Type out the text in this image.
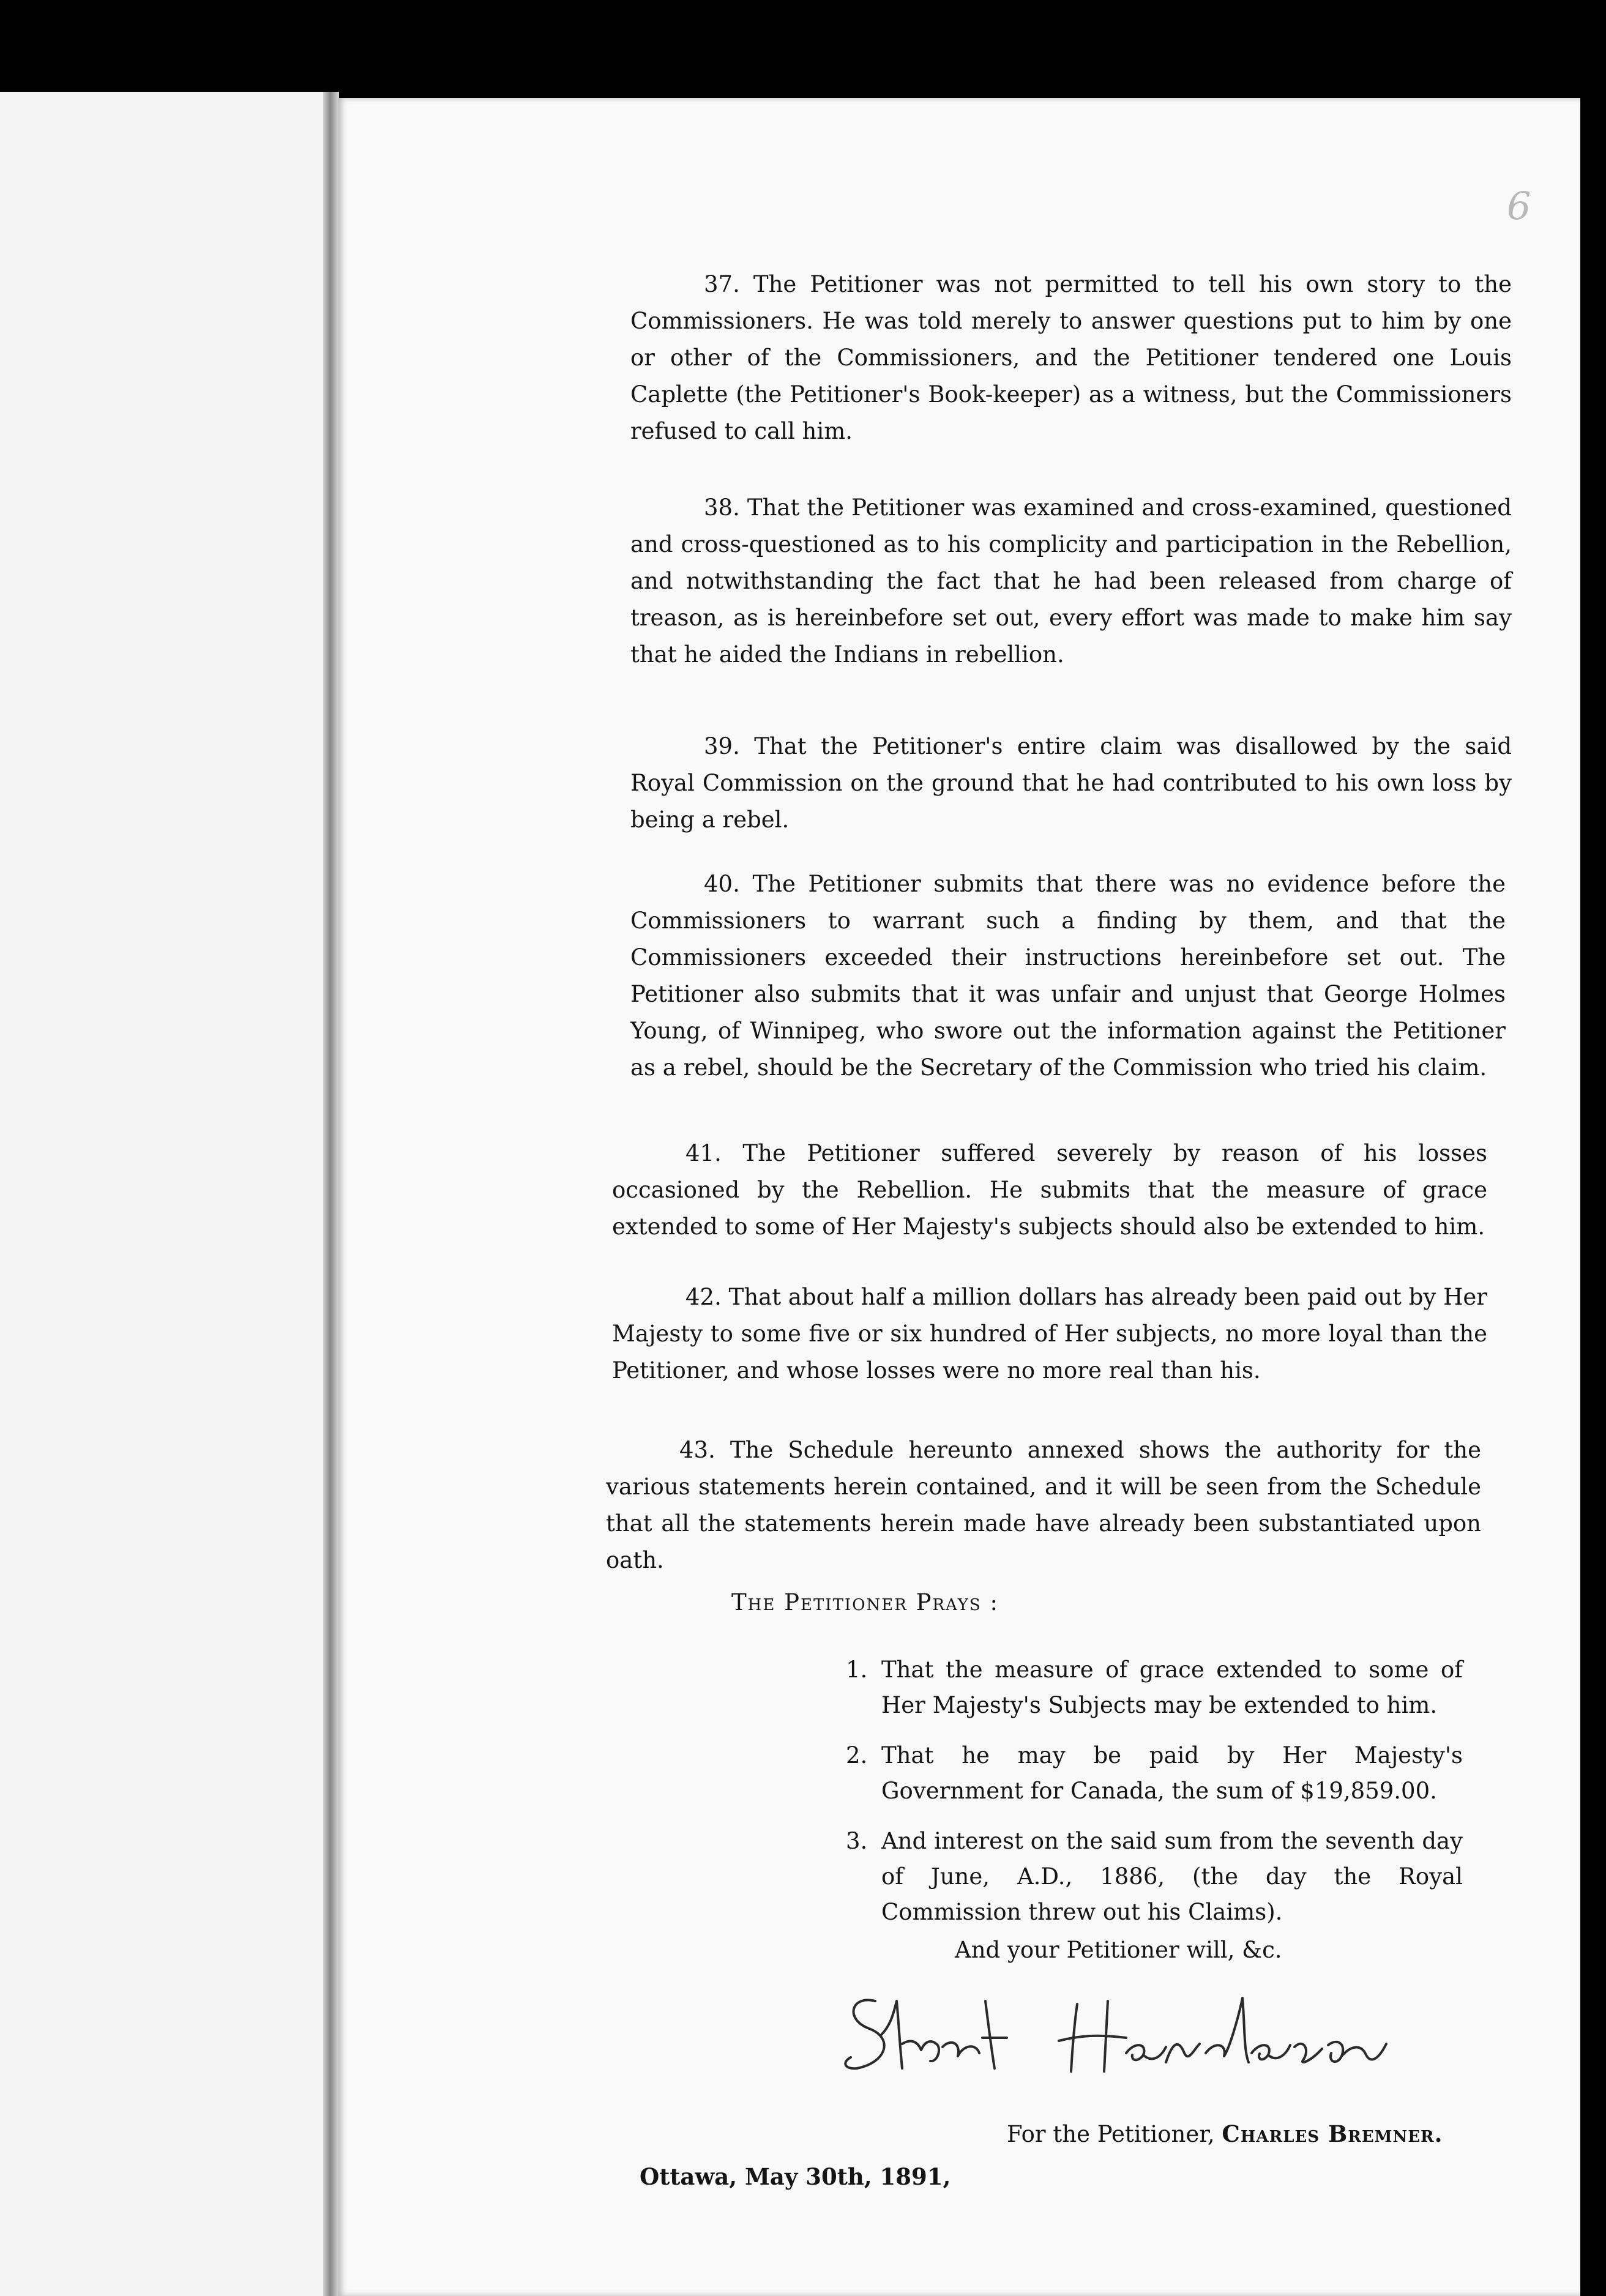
6

37. The Petitioner was not permitted to tell his own story to the Commissioners. He was told merely to answer questions put to him by one or other of the Commissioners, and the Petitioner tendered one Louis Caplette (the Petitioner's Book-keeper) as a witness, but the Commissioners refused to call him.

38. That the Petitioner was examined and cross-examined, questioned and cross-questioned as to his complicity and participation in the Rebellion, and notwithstanding the fact that he had been released from charge of treason, as is hereinbefore set out, every effort was made to make him say that he aided the Indians in rebellion.

39. That the Petitioner's entire claim was disallowed by the said Royal Commission on the ground that he had contributed to his own loss by being a rebel.

40. The Petitioner submits that there was no evidence before the Commissioners to warrant such a finding by them, and that the Commissioners exceeded their instructions hereinbefore set out. The Petitioner also submits that it was unfair and unjust that George Holmes Young, of Winnipeg, who swore out the information against the Petitioner as a rebel, should be the Secretary of the Commission who tried his claim.

41. The Petitioner suffered severely by reason of his losses occasioned by the Rebellion. He submits that the measure of grace extended to some of Her Majesty's subjects should also be extended to him.

42. That about half a million dollars has already been paid out by Her Majesty to some five or six hundred of Her subjects, no more loyal than the Petitioner, and whose losses were no more real than his.

43. The Schedule hereunto annexed shows the authority for the various statements herein contained, and it will be seen from the Schedule that all the statements herein made have already been substantiated upon oath.

The Petitioner Prays :

1. That the measure of grace extended to some of Her Majesty's Subjects may be extended to him.

2. That he may be paid by Her Majesty's Government for Canada, the sum of $19,859.00.

3. And interest on the said sum from the seventh day of June, A.D., 1886, (the day the Royal Commission threw out his Claims).

And your Petitioner will, &c.

For the Petitioner, Charles Bremner.

Ottawa, May 30th, 1891,
